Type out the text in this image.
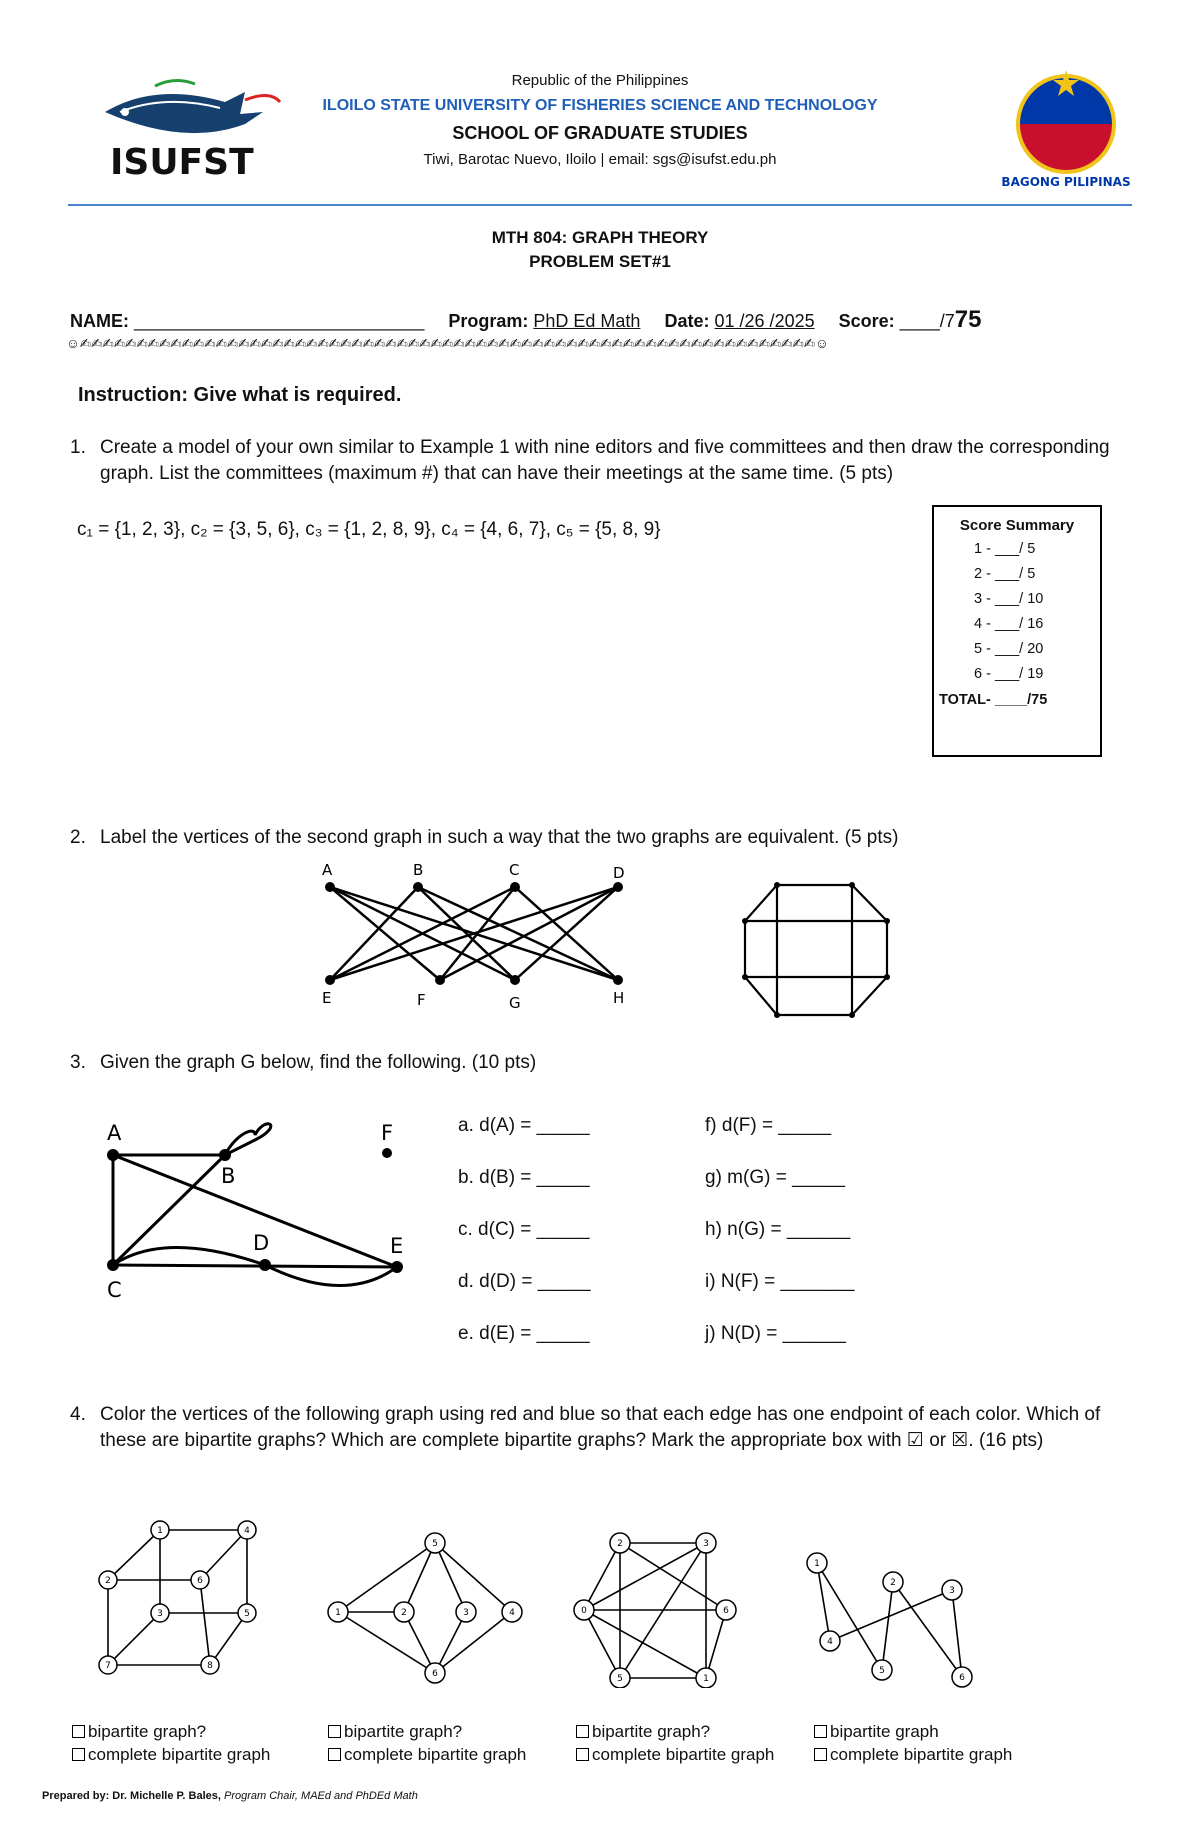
ISUFST
Republic of the Philippines
ILOILO STATE UNIVERSITY OF FISHERIES SCIENCE AND TECHNOLOGY
SCHOOL OF GRADUATE STUDIES
Tiwi, Barotac Nuevo, Iloilo | email: sgs@isufst.edu.ph
BAGONG PILIPINAS
MTH 804: GRAPH THEORY
PROBLEM SET#1
NAME: _____________________________ Program: PhD Ed Math Date: 01 /26 /2025 Score: ____/775
☺✍✍✍✍✍✍✍✍✍✍✍✍✍✍✍✍✍✍✍✍✍✍✍✍✍✍✍✍✍✍✍✍✍✍✍✍✍✍✍✍✍✍✍✍✍✍✍✍✍✍✍✍✍✍✍✍✍✍✍✍✍✍✍✍✍☺
Instruction: Give what is required.
1. Create a model of your own similar to Example 1 with nine editors and five committees and then draw the corresponding graph. List the committees (maximum #) that can have their meetings at the same time. (5 pts)
c₁ = {1, 2, 3}, c₂ = {3, 5, 6}, c₃ = {1, 2, 8, 9}, c₄ = {4, 6, 7}, c₅ = {5, 8, 9}	Score Summary
1 - ___/ 5
2 - ___/ 5
3 - ___/ 10
4 - ___/ 16
5 - ___/ 20
6 - ___/ 19
TOTAL- ____/75
2. Label the vertices of the second graph in such a way that the two graphs are equivalent. (5 pts)
A	B	C	D
E	F	G	H
3. Given the graph G below, find the following. (10 pts)
A
B
C
D	E
F	a. d(A) = _____
b. d(B) = _____
c. d(C) = _____
d. d(D) = _____
e. d(E) = _____
f) d(F) = _____
g) m(G) = _____
h) n(G) = ______
i) N(F) = _______
j) N(D) = ______
4. Color the vertices of the following graph using red and blue so that each edge has one endpoint of each color. Which of these are bipartite graphs? Which are complete bipartite graphs? Mark the appropriate box with ☑ or ☒. (16 pts)
1	4
2	6
3	5
7	8
5
1	2	3	4
6
2	3
0	6
5	1
1
2
3
4
5
6
bipartite graph?
complete bipartite graph
bipartite graph?
complete bipartite graph
bipartite graph?
complete bipartite graph
bipartite graph
complete bipartite graph
Prepared by: Dr. Michelle P. Bales, Program Chair, MAEd and PhDEd Math
